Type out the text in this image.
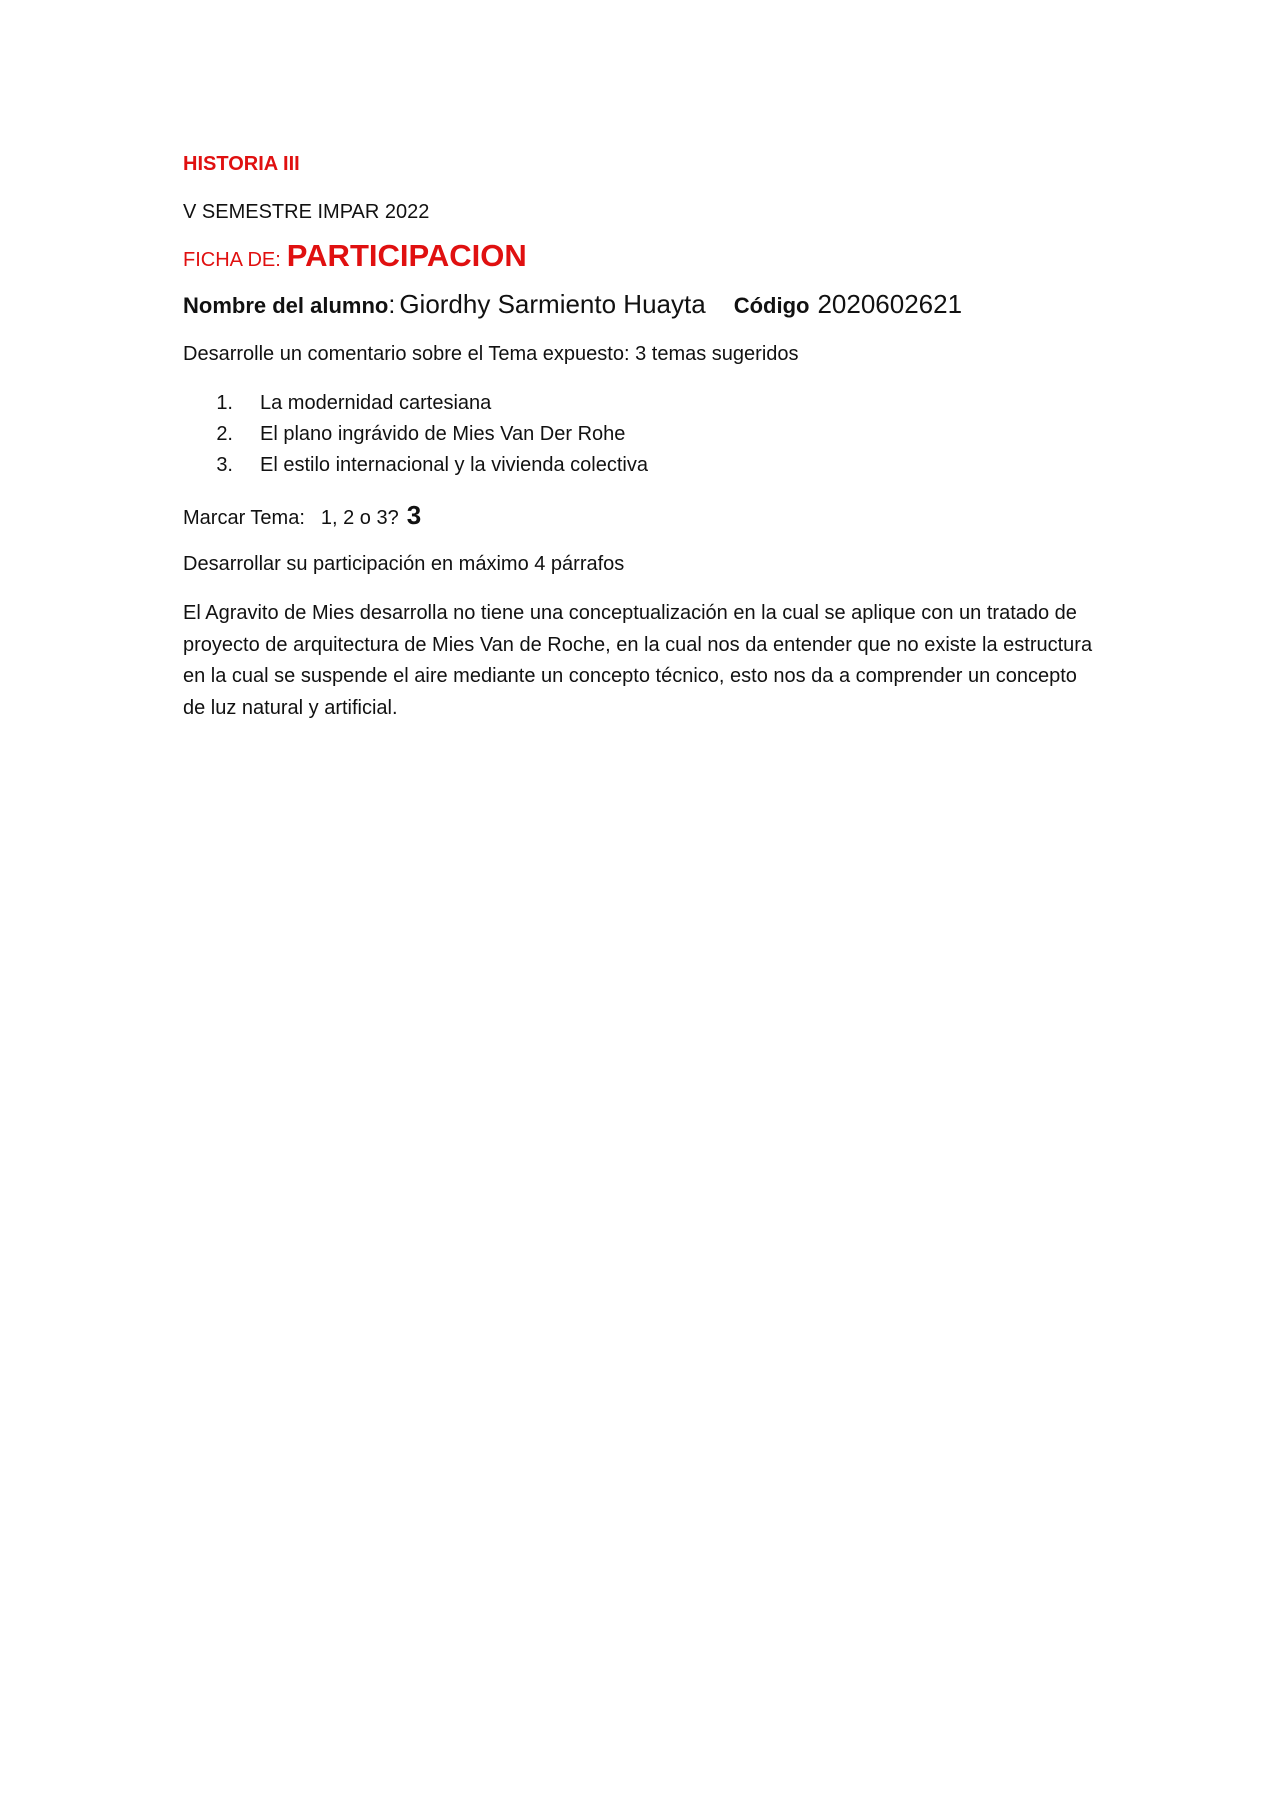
HISTORIA III

V SEMESTRE IMPAR 2022

FICHA DE: PARTICIPACION
Nombre del alumno : Giordhy Sarmiento Huayta Código 2020602621

Desarrolle un comentario sobre el Tema expuesto: 3 temas sugeridos

1. La modernidad cartesiana
2. El plano ingrávido de Mies Van Der Rohe
3. El estilo internacional y la vivienda colectiva
Marcar Tema: 1, 2 o 3? 3

Desarrollar su participación en máximo 4 párrafos

El Agravito de Mies desarrolla no tiene una conceptualización en la cual se aplique con un tratado de proyecto de arquitectura de Mies Van de Roche, en la cual nos da entender que no existe la estructura en la cual se suspende el aire mediante un concepto técnico, esto nos da a comprender un concepto de luz natural y artificial.
